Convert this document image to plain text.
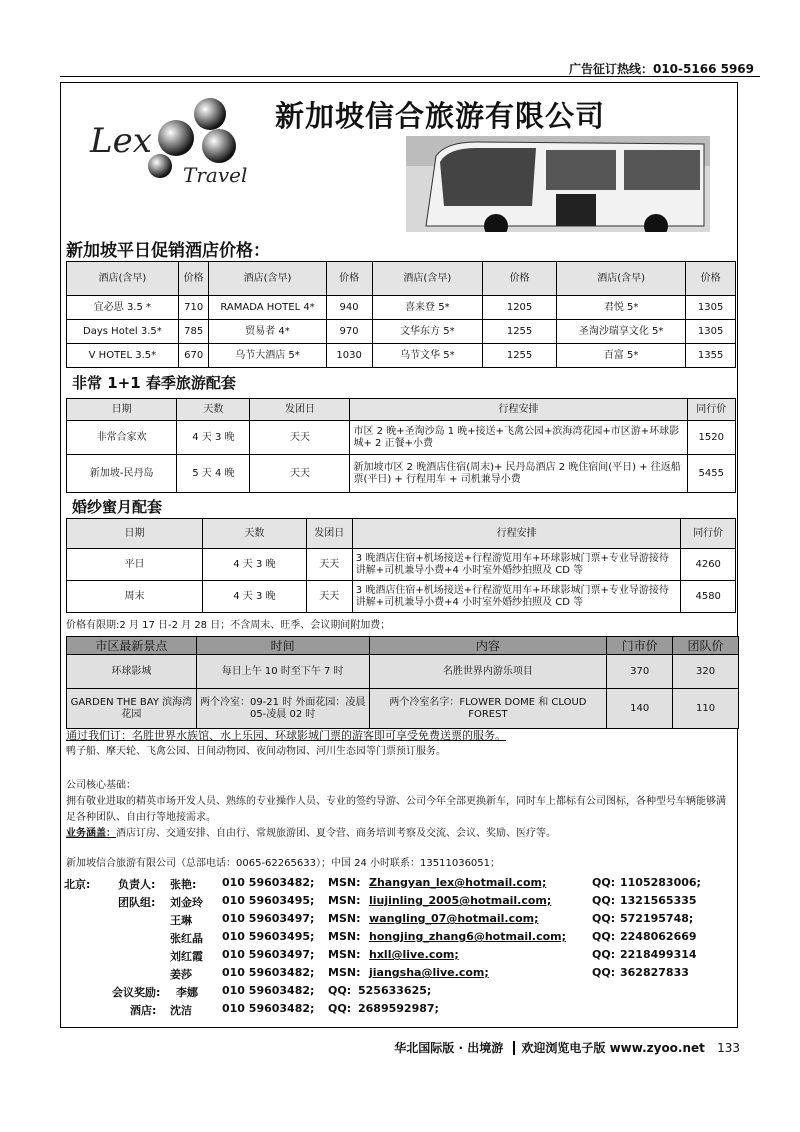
广告征订热线：010-5166 5969
Lex
Travel
新加坡信合旅游有限公司
新加坡平日促销酒店价格：
酒店(含早)	价格	酒店(含早)	价格	酒店(含早)	价格	酒店(含早)	价格
宜必思 3.5 *	710	RAMADA HOTEL 4*	940	喜来登 5*	1205	君悦 5*	1305
Days Hotel 3.5*	785	贸易者 4*	970	文华东方 5*	1255	圣淘沙瑞享文化 5*	1305
V HOTEL 3.5*	670	乌节大酒店 5*	1030	乌节文华 5*	1255	百富 5*	1355
非常 1+1 春季旅游配套
日期	天数	发团日	行程安排	同行价
非常合家欢	4 天 3 晚	天天	市区 2 晚+圣淘沙岛 1 晚+接送+飞禽公园+滨海湾花园+市区游+环球影城+ 2 正餐+小费	1520
新加坡-民丹岛	5 天 4 晚	天天	新加坡市区 2 晚酒店住宿(周末)+ 民丹岛酒店 2 晚住宿间(平日) + 往返船票(平日) + 行程用车 + 司机兼导小费	5455
婚纱蜜月配套
日期	天数	发团日	行程安排	同行价
平日	4 天 3 晚	天天	3 晚酒店住宿+机场接送+行程游览用车+环球影城门票+专业导游接待讲解+司机兼导小费+4 小时室外婚纱拍照及 CD 等	4260
周末	4 天 3 晚	天天	3 晚酒店住宿+机场接送+行程游览用车+环球影城门票+专业导游接待讲解+司机兼导小费+4 小时室外婚纱拍照及 CD 等	4580
价格有限期:2 月 17 日-2 月 28 日；不含周末、旺季、会议期间附加费；
市区最新景点	时间	内容	门市价	团队价
环球影城	每日上午 10 时至下午 7 时	名胜世界内游乐项目	370	320
GARDEN THE BAY 滨海湾花园	两个冷室：09-21 时 外面花园：凌晨 05-凌晨 02 时	两个冷室名字：FLOWER DOME 和 CLOUD FOREST	140	110
通过我们订：名胜世界水族馆、水上乐园、环球影城门票的游客即可享受免费送票的服务。
鸭子船、摩天轮、飞禽公园、日间动物园、夜间动物园、河川生态园等门票预订服务。
公司核心基础：
拥有敬业进取的精英市场开发人员、熟练的专业操作人员、专业的签约导游、公司今年全部更换新车，同时车上都标有公司图标，各种型号车辆能够满足各种团队、自由行等地接需求。
业务涵盖：酒店订房、交通安排、自由行、常规旅游团、夏令营、商务培训考察及交流、会议、奖励、医疗等。
新加坡信合旅游有限公司（总部电话：0065-62265633）；中国 24 小时联系：13511036051；
北京:	负责人: 张艳: 010 59603482; MSN: Zhangyan_lex@hotmail.com;	QQ: 1105283006;
团队组: 刘金玲 010 59603495; MSN: liujinling_2005@hotmail.com;	QQ: 1321565335
王琳	010 59603497; MSN: wangling_07@hotmail.com;	QQ: 572195748;
张红晶 010 59603495; MSN: hongjing_zhang6@hotmail.com; QQ: 2248062669
刘红霞 010 59603497; MSN: hxll@live.com;	QQ: 2218499314
姜莎	010 59603482; MSN: jiangsha@live.com;	QQ: 362827833
会议奖励: 李娜 010 59603482; QQ: 525633625;
酒店: 沈洁	010 59603482; QQ: 2689592987;
华北国际版 · 出境游 欢迎浏览电子版 www.zyoo.net 133
